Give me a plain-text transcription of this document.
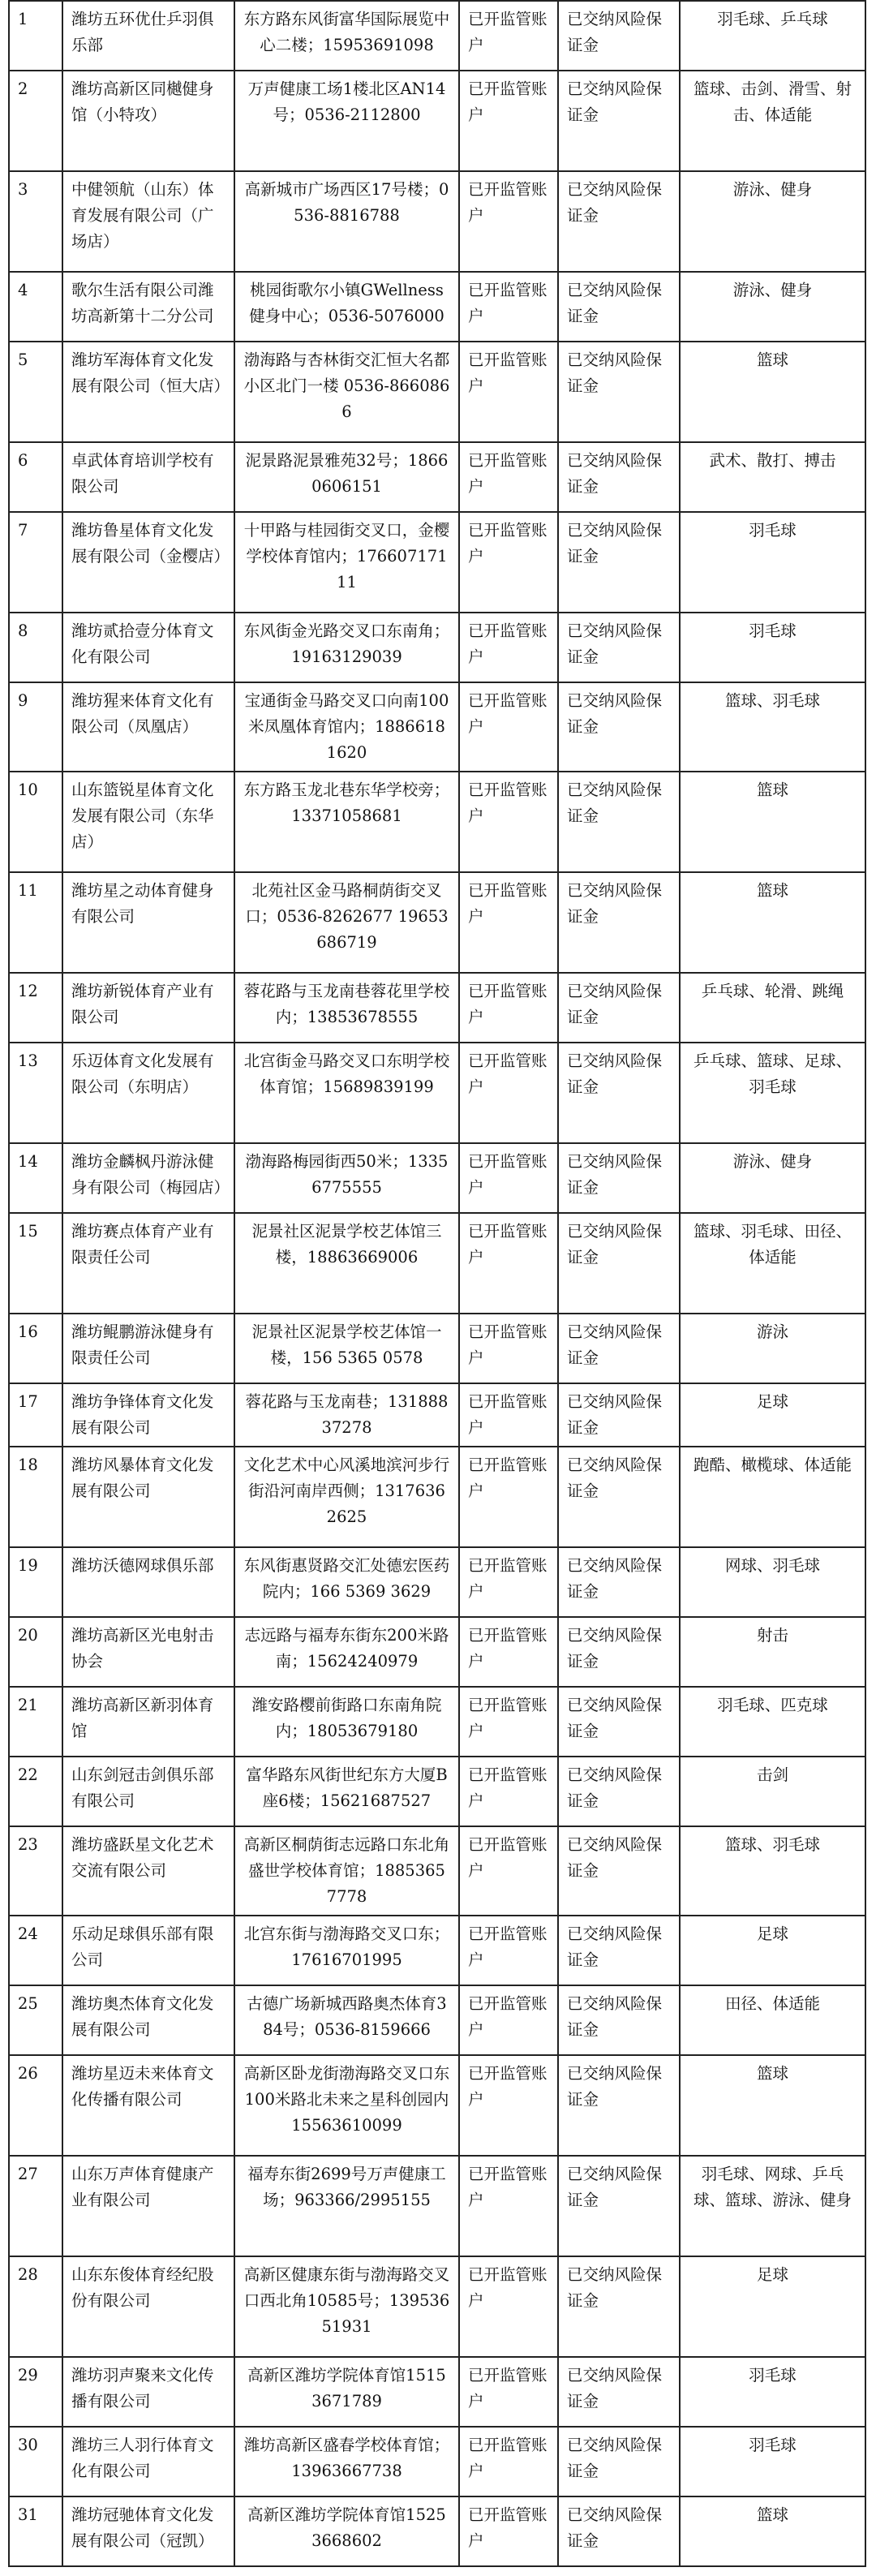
1	潍坊五环优仕乒羽俱乐部	东方路东风街富华国际展览中心二楼；15953691098	已开监管账户	已交纳风险保证金	羽毛球、乒乓球
2	潍坊高新区同樾健身馆（小特攻）	万声健康工场1楼北区AN14号；0536-2112800	已开监管账户	已交纳风险保证金	篮球、击剑、滑雪、射击、体适能
3	中健领航（山东）体育发展有限公司（广场店）	高新城市广场西区17号楼；0536-8816788	已开监管账户	已交纳风险保证金	游泳、健身
4	歌尔生活有限公司潍坊高新第十二分公司	桃园街歌尔小镇GWellness健身中心；0536-5076000	已开监管账户	已交纳风险保证金	游泳、健身
5	潍坊军海体育文化发展有限公司（恒大店）	渤海路与杏林街交汇恒大名都小区北门一楼 0536-8660866	已开监管账户	已交纳风险保证金	篮球
6	卓武体育培训学校有限公司	泥景路泥景雅苑32号；18660606151	已开监管账户	已交纳风险保证金	武术、散打、搏击
7	潍坊鲁星体育文化发展有限公司（金樱店）	十甲路与桂园街交叉口，金樱学校体育馆内；17660717111	已开监管账户	已交纳风险保证金	羽毛球
8	潍坊贰拾壹分体育文化有限公司	东风街金光路交叉口东南角；19163129039	已开监管账户	已交纳风险保证金	羽毛球
9	潍坊猩来体育文化有限公司（凤凰店）	宝通街金马路交叉口向南100米凤凰体育馆内；18866181620	已开监管账户	已交纳风险保证金	篮球、羽毛球
10	山东篮锐星体育文化发展有限公司（东华店）	东方路玉龙北巷东华学校旁；13371058681	已开监管账户	已交纳风险保证金	篮球
11	潍坊星之动体育健身有限公司	北苑社区金马路桐荫街交叉口；0536-8262677 19653686719	已开监管账户	已交纳风险保证金	篮球
12	潍坊新锐体育产业有限公司	蓉花路与玉龙南巷蓉花里学校内；13853678555	已开监管账户	已交纳风险保证金	乒乓球、轮滑、跳绳
13	乐迈体育文化发展有限公司（东明店）	北宫街金马路交叉口东明学校体育馆；15689839199	已开监管账户	已交纳风险保证金	乒乓球、篮球、足球、羽毛球
14	潍坊金麟枫丹游泳健身有限公司（梅园店）	渤海路梅园街西50米；13356775555	已开监管账户	已交纳风险保证金	游泳、健身
15	潍坊赛点体育产业有限责任公司	泥景社区泥景学校艺体馆三楼，18863669006	已开监管账户	已交纳风险保证金	篮球、羽毛球、田径、体适能
16	潍坊鲲鹏游泳健身有限责任公司	泥景社区泥景学校艺体馆一楼，156 5365 0578	已开监管账户	已交纳风险保证金	游泳
17	潍坊争锋体育文化发展有限公司	蓉花路与玉龙南巷；13188837278	已开监管账户	已交纳风险保证金	足球
18	潍坊风暴体育文化发展有限公司	文化艺术中心风溪地滨河步行街沿河南岸西侧；13176362625	已开监管账户	已交纳风险保证金	跑酷、橄榄球、体适能
19	潍坊沃德网球俱乐部	东风街惠贤路交汇处德宏医药院内；166 5369 3629	已开监管账户	已交纳风险保证金	网球、羽毛球
20	潍坊高新区光电射击协会	志远路与福寿东街东200米路南；15624240979	已开监管账户	已交纳风险保证金	射击
21	潍坊高新区新羽体育馆	潍安路樱前街路口东南角院内；18053679180	已开监管账户	已交纳风险保证金	羽毛球、匹克球
22	山东剑冠击剑俱乐部有限公司	富华路东风街世纪东方大厦B座6楼；15621687527	已开监管账户	已交纳风险保证金	击剑
23	潍坊盛跃星文化艺术交流有限公司	高新区桐荫街志远路口东北角盛世学校体育馆；18853657778	已开监管账户	已交纳风险保证金	篮球、羽毛球
24	乐动足球俱乐部有限公司	北宫东街与渤海路交叉口东；17616701995	已开监管账户	已交纳风险保证金	足球
25	潍坊奥杰体育文化发展有限公司	古德广场新城西路奥杰体育384号；0536-8159666	已开监管账户	已交纳风险保证金	田径、体适能
26	潍坊星迈未来体育文化传播有限公司	高新区卧龙街渤海路交叉口东100米路北未来之星科创园内 15563610099	已开监管账户	已交纳风险保证金	篮球
27	山东万声体育健康产业有限公司	福寿东街2699号万声健康工场；963366/2995155	已开监管账户	已交纳风险保证金	羽毛球、网球、乒乓球、篮球、游泳、健身
28	山东东俊体育经纪股份有限公司	高新区健康东街与渤海路交叉口西北角10585号；13953651931	已开监管账户	已交纳风险保证金	足球
29	潍坊羽声聚来文化传播有限公司	高新区潍坊学院体育馆15153671789	已开监管账户	已交纳风险保证金	羽毛球
30	潍坊三人羽行体育文化有限公司	潍坊高新区盛春学校体育馆；13963667738	已开监管账户	已交纳风险保证金	羽毛球
31	潍坊冠驰体育文化发展有限公司（冠凯）	高新区潍坊学院体育馆15253668602	已开监管账户	已交纳风险保证金	篮球
